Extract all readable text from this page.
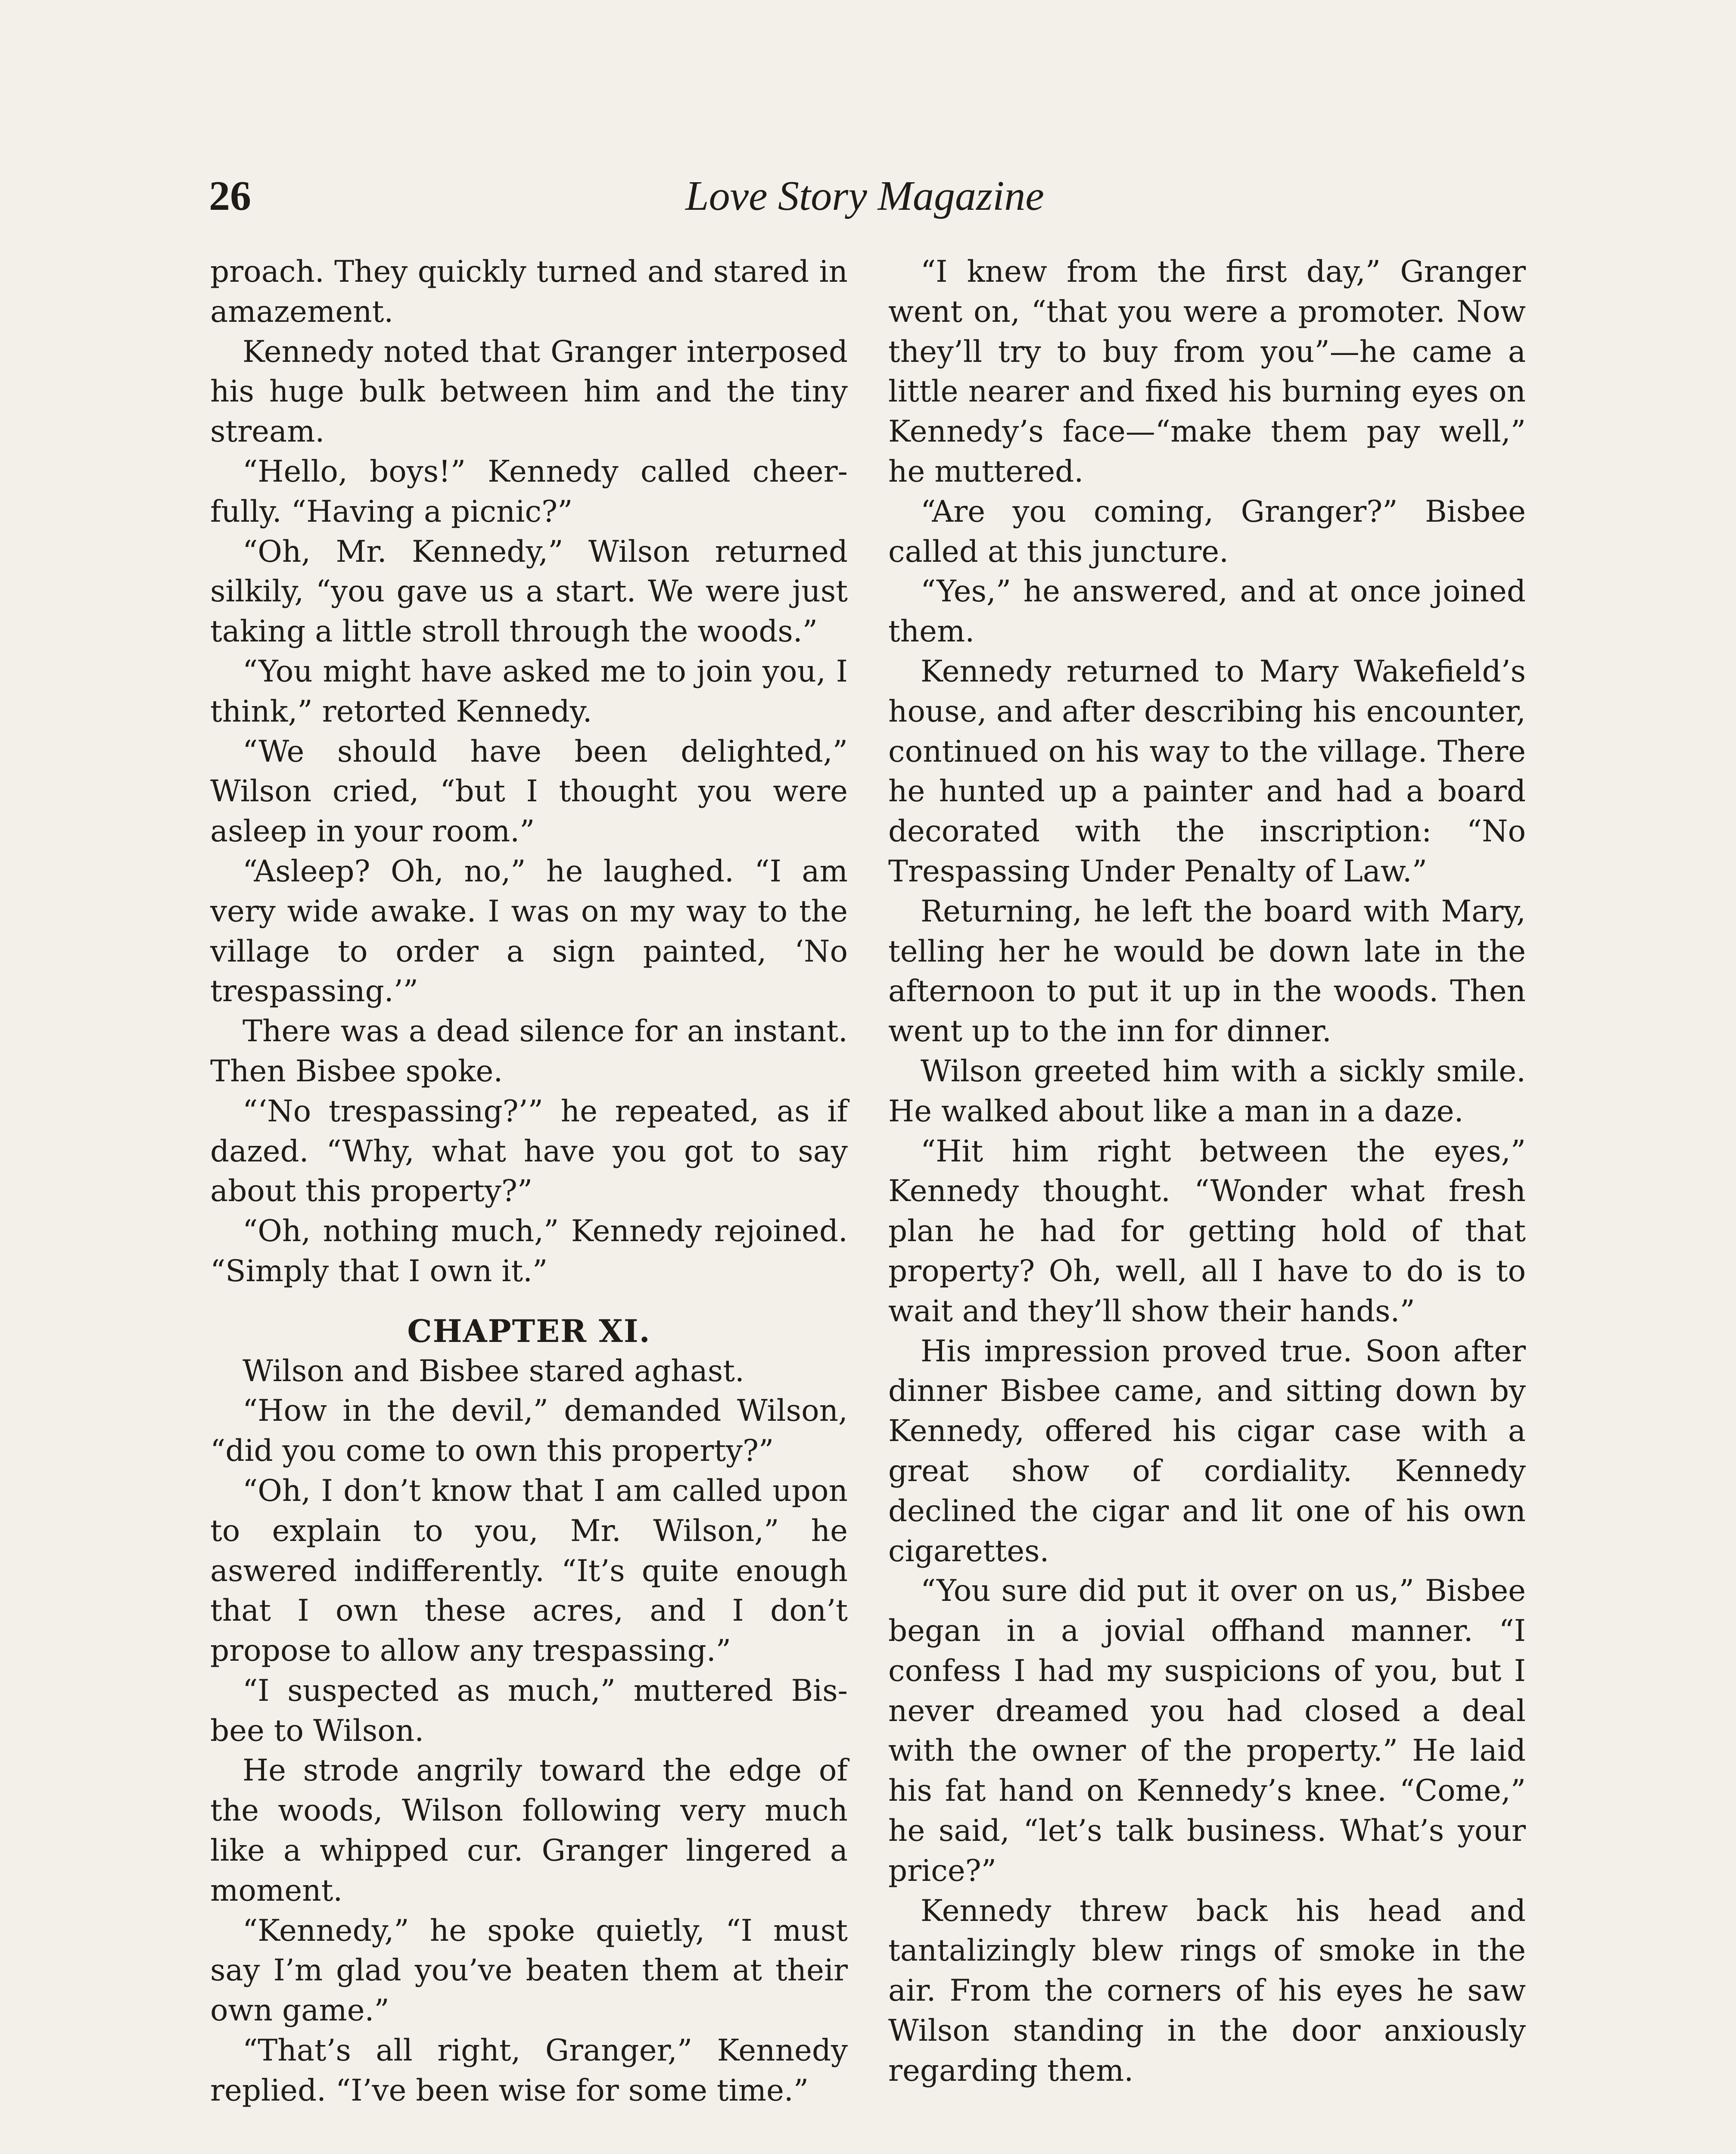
26	Love Story Magazine

proach. They quickly turned and stared in amazement.

Kennedy noted that Granger interposed his huge bulk between him and the tiny stream.

“Hello, boys!” Kennedy called cheerfully. “Having a picnic?”

“Oh, Mr. Kennedy,” Wilson returned silkily, “you gave us a start. We were just taking a little stroll through the woods.”

“You might have asked me to join you, I think,” retorted Kennedy.

“We should have been delighted,” Wilson cried, “but I thought you were asleep in your room.”

“Asleep? Oh, no,” he laughed. “I am very wide awake. I was on my way to the village to order a sign painted, ‘No trespassing.’”

There was a dead silence for an instant. Then Bisbee spoke.

“‘No trespassing?’” he repeated, as if dazed. “Why, what have you got to say about this property?”

“Oh, nothing much,” Kennedy rejoined. “Simply that I own it.”

CHAPTER XI.

Wilson and Bisbee stared aghast.

“How in the devil,” demanded Wilson, “did you come to own this property?”

“Oh, I don’t know that I am called upon to explain to you, Mr. Wilson,” he aswered indifferently. “It’s quite enough that I own these acres, and I don’t propose to allow any trespassing.”

“I suspected as much,” muttered Bisbee to Wilson.

He strode angrily toward the edge of the woods, Wilson following very much like a whipped cur. Granger lingered a moment.

“Kennedy,” he spoke quietly, “I must say I’m glad you’ve beaten them at their own game.”

“That’s all right, Granger,” Kennedy replied. “I’ve been wise for some time.”

“I knew from the first day,” Granger went on, “that you were a promoter. Now they’ll try to buy from you”—he came a little nearer and fixed his burning eyes on Kennedy’s face—“make them pay well,” he muttered.

“Are you coming, Granger?” Bisbee called at this juncture.

“Yes,” he answered, and at once joined them.

Kennedy returned to Mary Wakefield’s house, and after describing his encounter, continued on his way to the village. There he hunted up a painter and had a board decorated with the inscription: “No Trespassing Under Penalty of Law.”

Returning, he left the board with Mary, telling her he would be down late in the afternoon to put it up in the woods. Then went up to the inn for dinner.

Wilson greeted him with a sickly smile. He walked about like a man in a daze.

“Hit him right between the eyes,” Kennedy thought. “Wonder what fresh plan he had for getting hold of that property? Oh, well, all I have to do is to wait and they’ll show their hands.”

His impression proved true. Soon after dinner Bisbee came, and sitting down by Kennedy, offered his cigar case with a great show of cordiality. Kennedy declined the cigar and lit one of his own cigarettes.

“You sure did put it over on us,” Bisbee began in a jovial offhand manner. “I confess I had my suspicions of you, but I never dreamed you had closed a deal with the owner of the property.” He laid his fat hand on Kennedy’s knee. “Come,” he said, “let’s talk business. What’s your price?”

Kennedy threw back his head and tantalizingly blew rings of smoke in the air. From the corners of his eyes he saw Wilson standing in the door anxiously regarding them.
